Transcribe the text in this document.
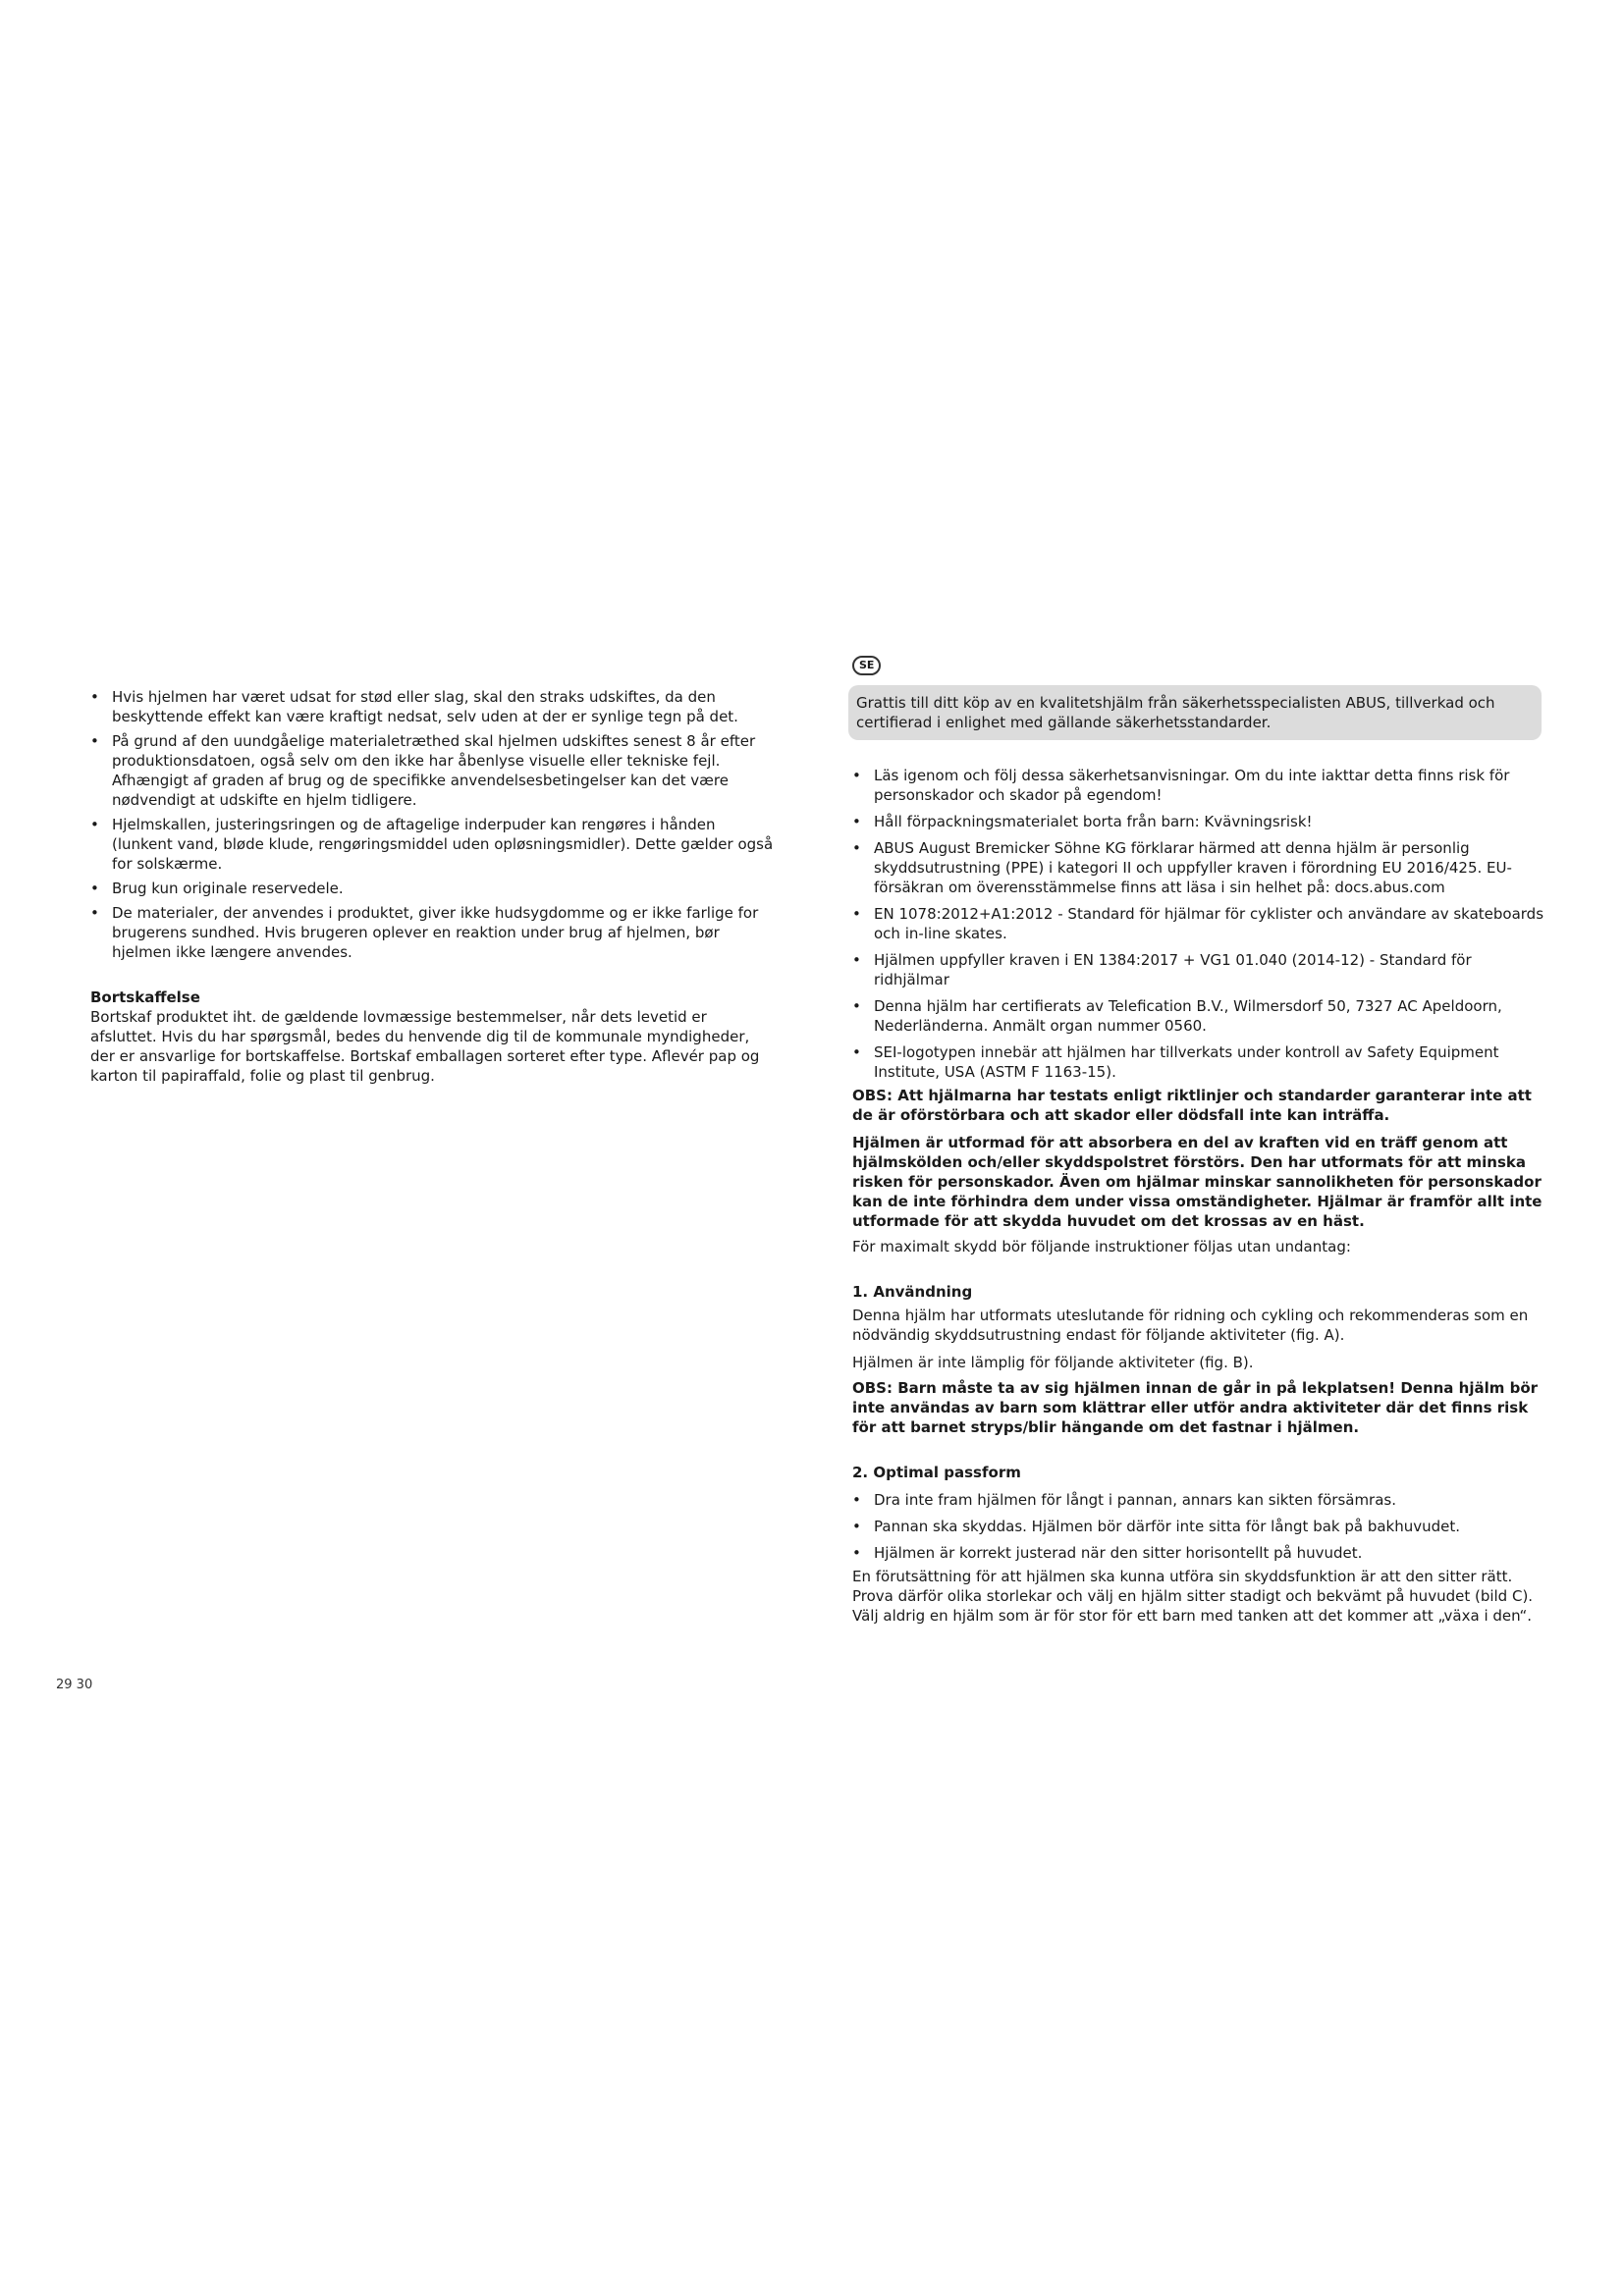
• Hvis hjelmen har været udsat for stød eller slag, skal den straks udskiftes, da den beskyttende effekt kan være kraftigt nedsat, selv uden at der er synlige tegn på det.
• På grund af den uundgåelige materialetræthed skal hjelmen udskiftes senest 8 år efter produktionsdatoen, også selv om den ikke har åbenlyse visuelle eller tekniske fejl. Afhængigt af graden af brug og de specifikke anvendelsesbetingelser kan det være nødvendigt at udskifte en hjelm tidligere.
• Hjelmskallen, justeringsringen og de aftagelige inderpuder kan rengøres i hånden (lunkent vand, bløde klude, rengøringsmiddel uden opløsningsmidler). Dette gælder også for solskærme.
• Brug kun originale reservedele.
• De materialer, der anvendes i produktet, giver ikke hudsygdomme og er ikke farlige for brugerens sundhed. Hvis brugeren oplever en reaktion under brug af hjelmen, bør hjelmen ikke længere anvendes.

Bortskaffelse

Bortskaf produktet iht. de gældende lovmæssige bestemmelser, når dets levetid er afsluttet. Hvis du har spørgsmål, bedes du henvende dig til de kommunale myndigheder, der er ansvarlige for bortskaffelse. Bortskaf emballagen sorteret efter type. Aflevér pap og karton til papiraffald, folie og plast til genbrug.

SE

Grattis till ditt köp av en kvalitetshjälm från säkerhetsspecialisten ABUS, tillverkad och certifierad i enlighet med gällande säkerhetsstandarder.

• Läs igenom och följ dessa säkerhetsanvisningar. Om du inte iakttar detta finns risk för personskador och skador på egendom!
• Håll förpackningsmaterialet borta från barn: Kvävningsrisk!
• ABUS August Bremicker Söhne KG förklarar härmed att denna hjälm är personlig skyddsutrustning (PPE) i kategori II och uppfyller kraven i förordning EU 2016/425. EU-försäkran om överensstämmelse finns att läsa i sin helhet på: docs.abus.com
• EN 1078:2012+A1:2012 - Standard för hjälmar för cyklister och användare av skateboards och in-line skates.
• Hjälmen uppfyller kraven i EN 1384:2017 + VG1 01.040 (2014-12) - Standard för ridhjälmar
• Denna hjälm har certifierats av Telefication B.V., Wilmersdorf 50, 7327 AC Apeldoorn, Nederländerna. Anmält organ nummer 0560.
• SEI-logotypen innebär att hjälmen har tillverkats under kontroll av Safety Equipment Institute, USA (ASTM F 1163-15).

OBS: Att hjälmarna har testats enligt riktlinjer och standarder garanterar inte att de är oförstörbara och att skador eller dödsfall inte kan inträffa.

Hjälmen är utformad för att absorbera en del av kraften vid en träff genom att hjälmskölden och/eller skyddspolstret förstörs. Den har utformats för att minska risken för personskador. Även om hjälmar minskar sannolikheten för personskador kan de inte förhindra dem under vissa omständigheter. Hjälmar är framför allt inte utformade för att skydda huvudet om det krossas av en häst.

För maximalt skydd bör följande instruktioner följas utan undantag:

1. Användning

Denna hjälm har utformats uteslutande för ridning och cykling och rekommenderas som en nödvändig skyddsutrustning endast för följande aktiviteter (fig. A).

Hjälmen är inte lämplig för följande aktiviteter (fig. B).

OBS: Barn måste ta av sig hjälmen innan de går in på lekplatsen! Denna hjälm bör inte användas av barn som klättrar eller utför andra aktiviteter där det finns risk för att barnet stryps/blir hängande om det fastnar i hjälmen.

2. Optimal passform

• Dra inte fram hjälmen för långt i pannan, annars kan sikten försämras.
• Pannan ska skyddas. Hjälmen bör därför inte sitta för långt bak på bakhuvudet.
• Hjälmen är korrekt justerad när den sitter horisontellt på huvudet.

En förutsättning för att hjälmen ska kunna utföra sin skyddsfunktion är att den sitter rätt. Prova därför olika storlekar och välj en hjälm sitter stadigt och bekvämt på huvudet (bild C). Välj aldrig en hjälm som är för stor för ett barn med tanken att det kommer att „växa i den“.

29 30
